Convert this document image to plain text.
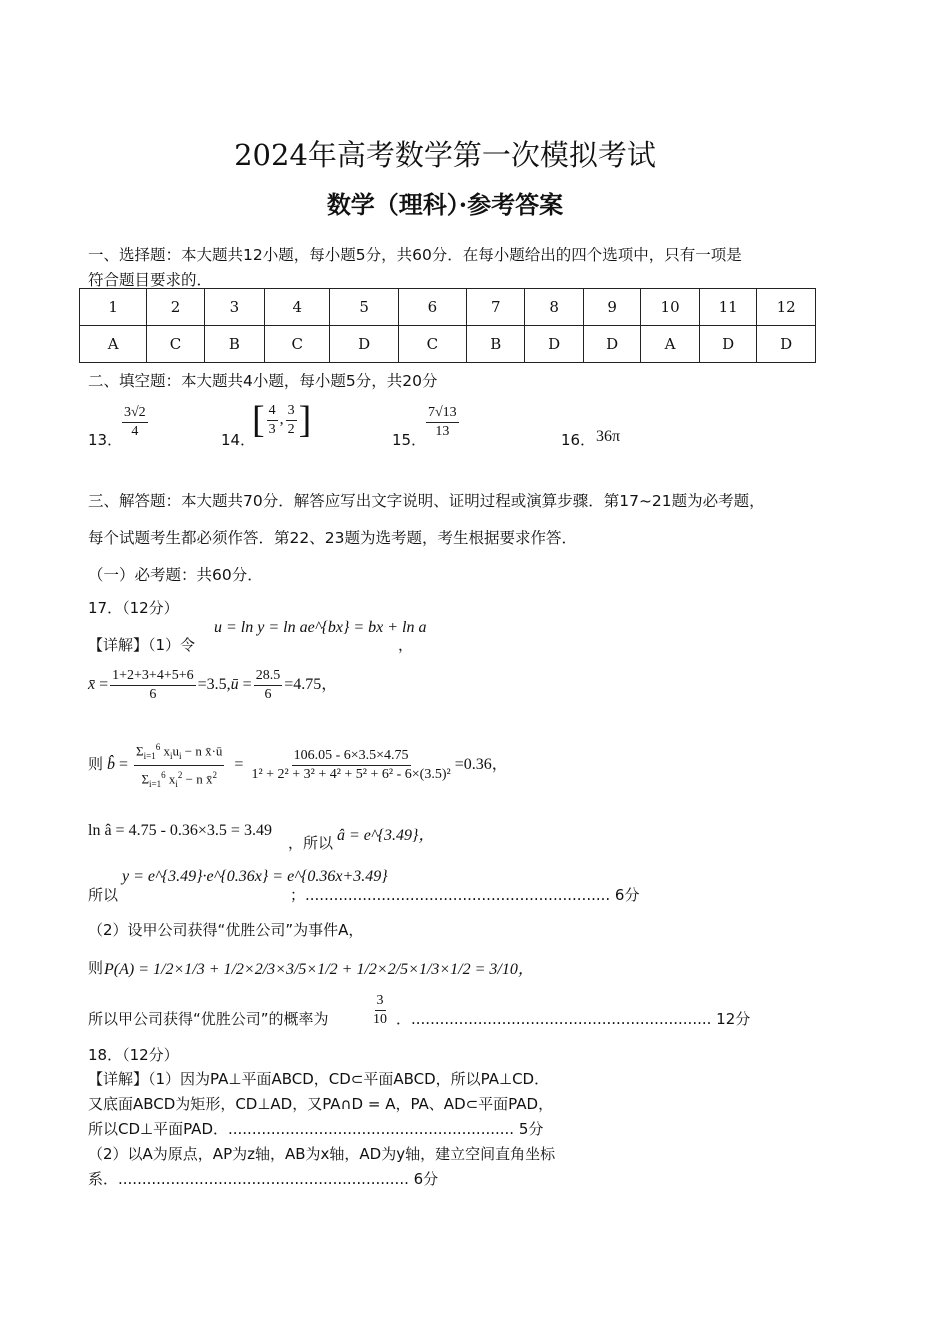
2024年高考数学第一次模拟考试
数学（理科）·参考答案
一、选择题：本大题共12小题，每小题5分，共60分．在每小题给出的四个选项中，只有一项是
符合题目要求的．
1	2	3	4	5	6	7	8	9	10	11	12
A	C	B	C	D	C	B	D	D	A	D	D
二、填空题：本大题共4小题，每小题5分，共20分
13． $\frac{3√2}{4}$	14．
[ $\frac{4}{3}$ , $\frac{3}{2}$ ]	15． $\frac{7√13}{13}$	16． 36π
三、解答题：本大题共70分．解答应写出文字说明、证明过程或演算步骤．第17~21题为必考题，
每个试题考生都必须作答．第22、23题为选考题，考生根据要求作答．
（一）必考题：共60分．
17．（12分）
【详解】（1）令
u = ln y = ln ae^{bx} = bx + ln a
，
x̄ = $\frac{1+2+3+4+5+6}{6}$ =3.5,ū = $\frac{28.5}{6} =4.75$，
则 b̂ = $\frac{\Sigma_{i=1}^6 x_iu_i - n x̄\cdot ū}{\Sigma_{i=1}^6 x_i^2 - n x̄^2} = \frac{106.05 - 6\times 3.5\times 4.75}{\text{1² + 2² + 3² + 4² + 5² + 6² - 6×(3.5)²}} =0.36$，
ln â = 4.75 - 0.36×3.5 = 3.49
，所以 â = e^{3.49}，
所以
y = e^{3.49}·e^{0.36x} = e^{0.36x+3.49}
；................................................................ 6分
（2）设甲公司获得“优胜公司”为事件A，
则 P(A) = 1/2×1/3 + 1/2×2/3×3/5×1/2 + 1/2×2/5×1/3×1/2 = 3/10，
所以甲公司获得“优胜公司”的概率为	$\frac{3}{10}$ ．............................................................... 12分
18．（12分）
【详解】（1）因为PA⊥平面ABCD，CD⊂平面ABCD，所以PA⊥CD．
又底面ABCD为矩形，CD⊥AD，又PA∩D = A，PA、AD⊂平面PAD，
所以CD⊥平面PAD．............................................................ 5分
（2）以A为原点，AP为z轴，AB为x轴，AD为y轴，建立空间直角坐标
系．............................................................. 6分
